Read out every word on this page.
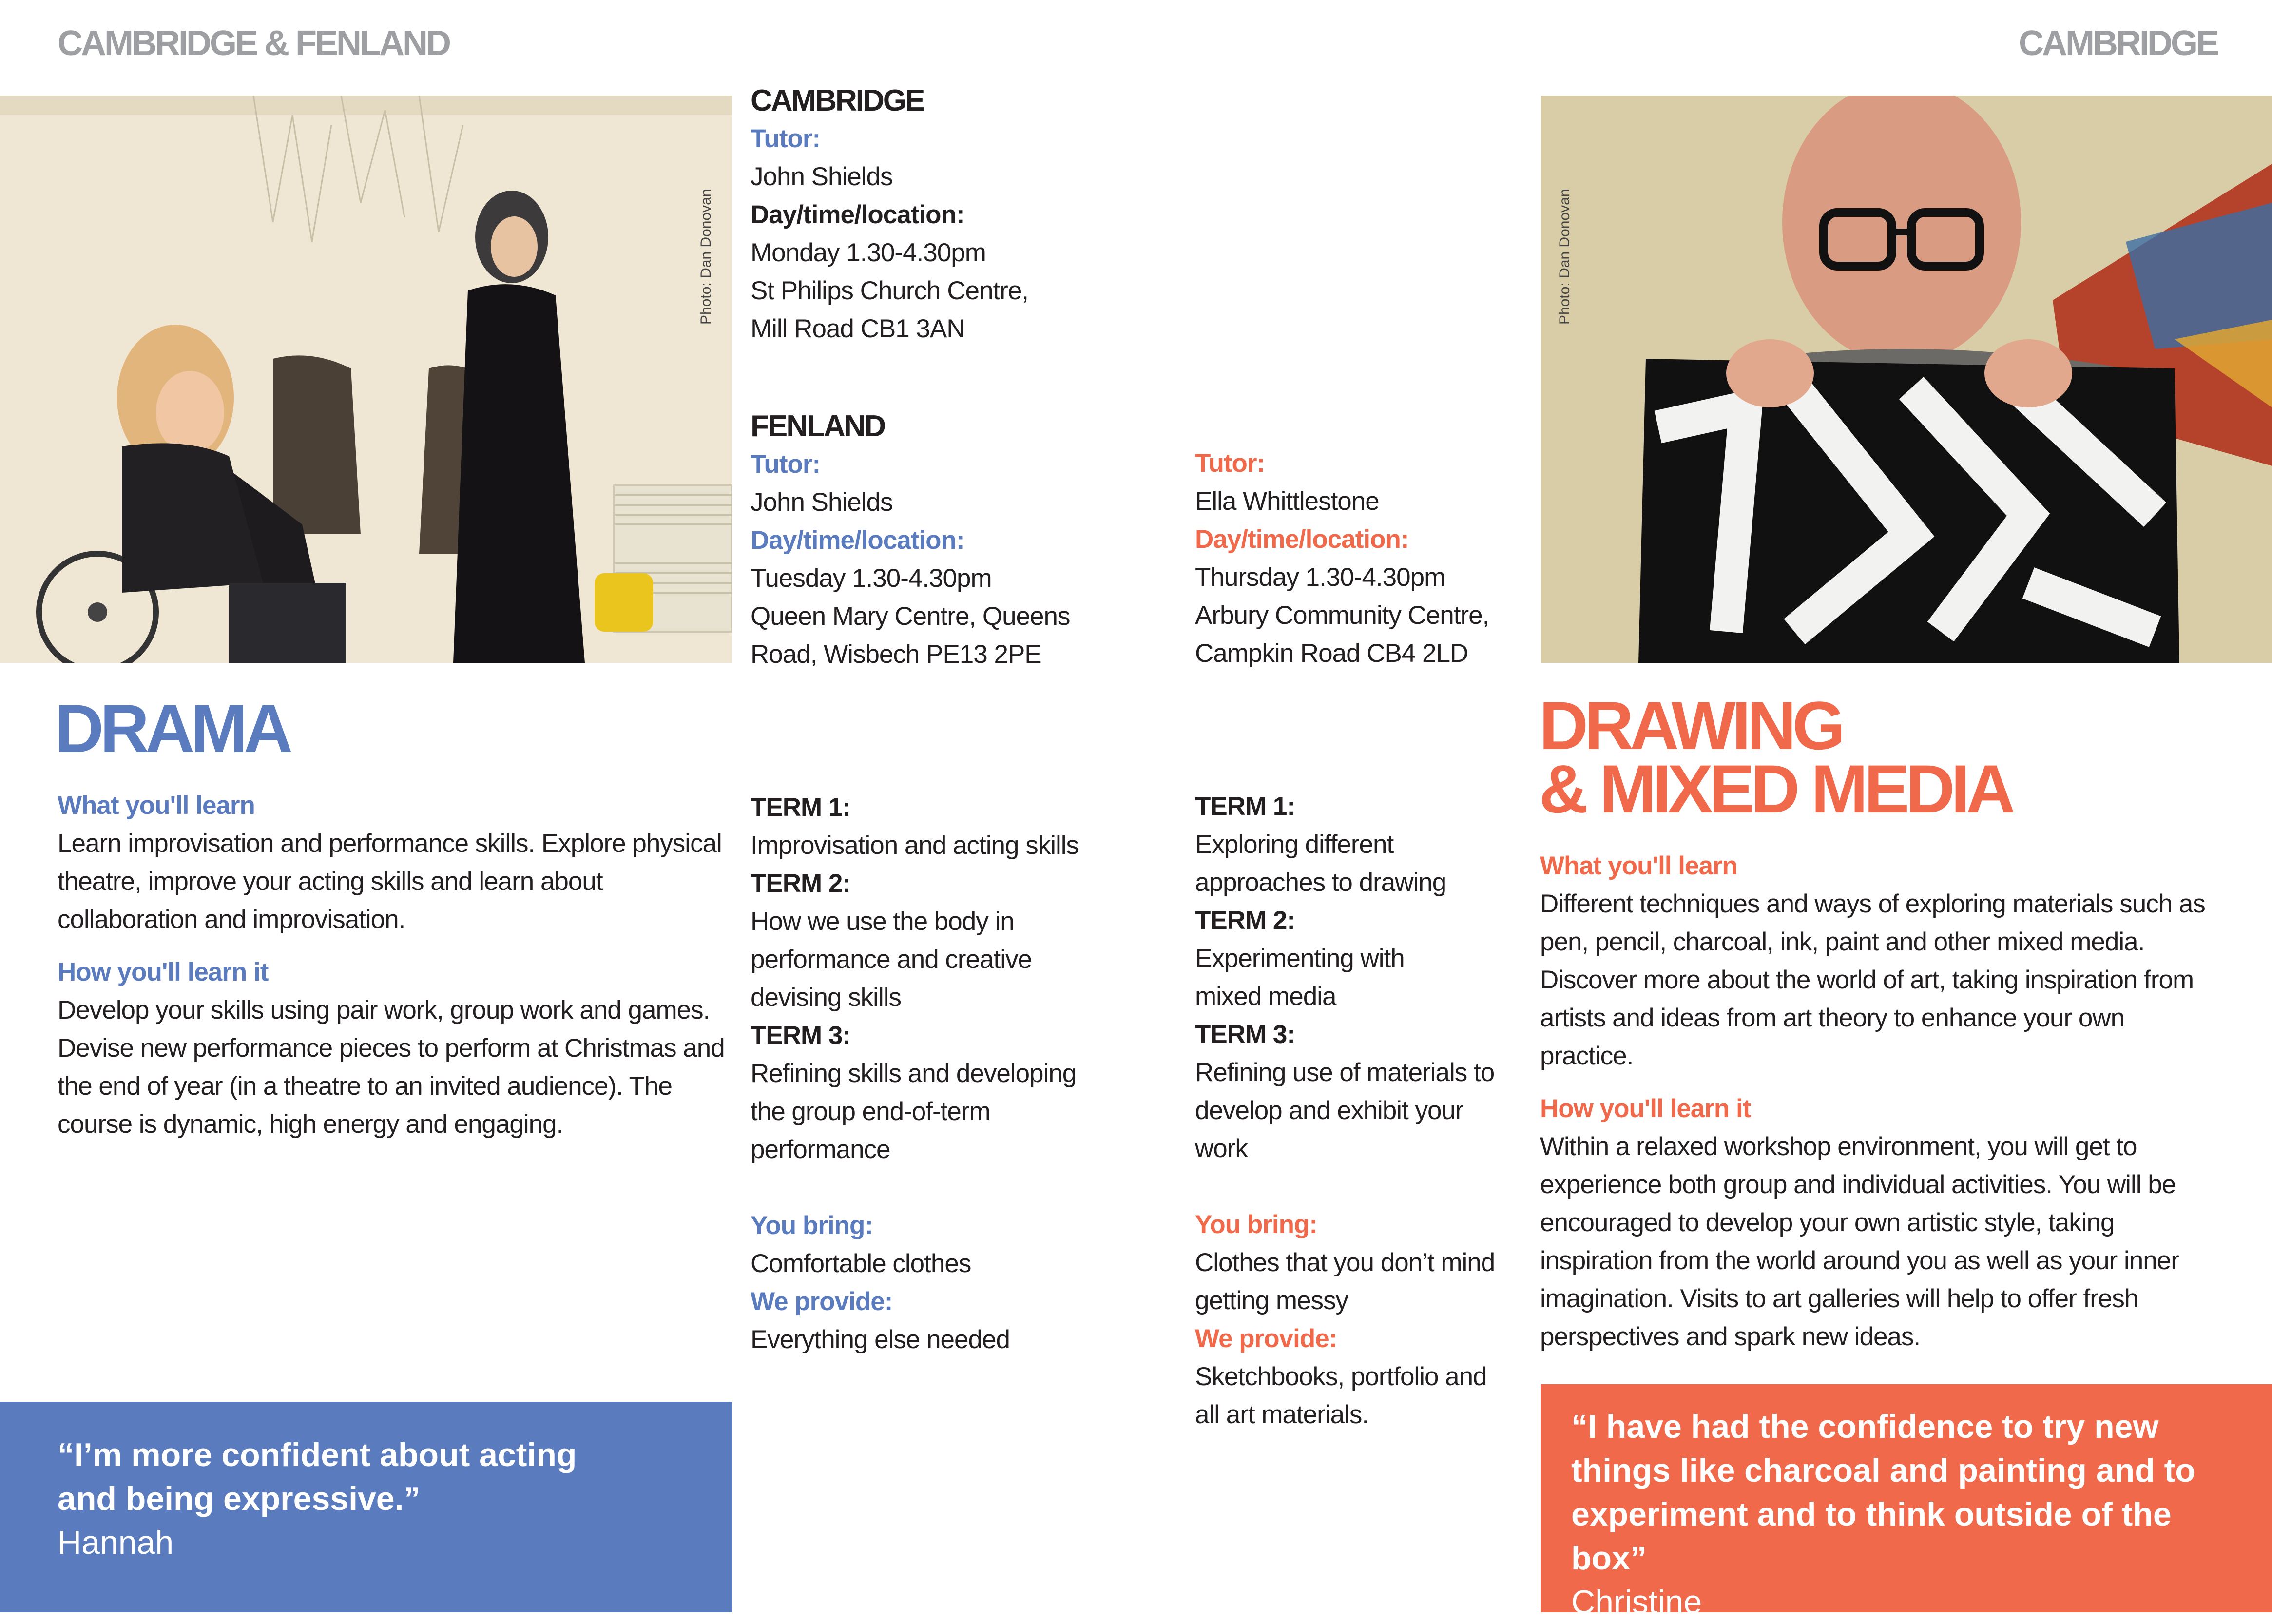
CAMBRIDGE & FENLAND	CAMBRIDGE
Photo: Dan Donovan	Photo: Dan Donovan
DRAMA

What you'll learn

Learn improvisation and performance skills. Explore physical theatre, improve your acting skills and learn about collaboration and improvisation.

How you'll learn it

Develop your skills using pair work, group work and games. Devise new performance pieces to perform at Christmas and the end of year (in a theatre to an invited audience). The course is dynamic, high energy and engaging.

“I’m more confident about acting and being expressive.”
Hannah

CAMBRIDGE

Tutor:

John Shields

Day/time/location:

Monday 1.30-4.30pm

St Philips Church Centre,

Mill Road CB1 3AN

FENLAND

Tutor:

John Shields

Day/time/location:

Tuesday 1.30-4.30pm

Queen Mary Centre, Queens

Road, Wisbech PE13 2PE

TERM 1:

Improvisation and acting skills

TERM 2:

How we use the body in

performance and creative

devising skills

TERM 3:

Refining skills and developing

the group end-of-term

performance

You bring:

Comfortable clothes

We provide:

Everything else needed

Tutor:

Ella Whittlestone

Day/time/location:

Thursday 1.30-4.30pm

Arbury Community Centre,

Campkin Road CB4 2LD

TERM 1:

Exploring different

approaches to drawing

TERM 2:

Experimenting with

mixed media

TERM 3:

Refining use of materials to

develop and exhibit your

work

You bring:

Clothes that you don’t mind

getting messy

We provide:

Sketchbooks, portfolio and

all art materials.

DRAWING
& MIXED MEDIA

What you'll learn

Different techniques and ways of exploring materials such as pen, pencil, charcoal, ink, paint and other mixed media. Discover more about the world of art, taking inspiration from artists and ideas from art theory to enhance your own practice.

How you'll learn it

Within a relaxed workshop environment, you will get to experience both group and individual activities. You will be encouraged to develop your own artistic style, taking inspiration from the world around you as well as your inner imagination. Visits to art galleries will help to offer fresh perspectives and spark new ideas.

“I have had the confidence to try new things like charcoal and painting and to experiment and to think outside of the box”
Christine
